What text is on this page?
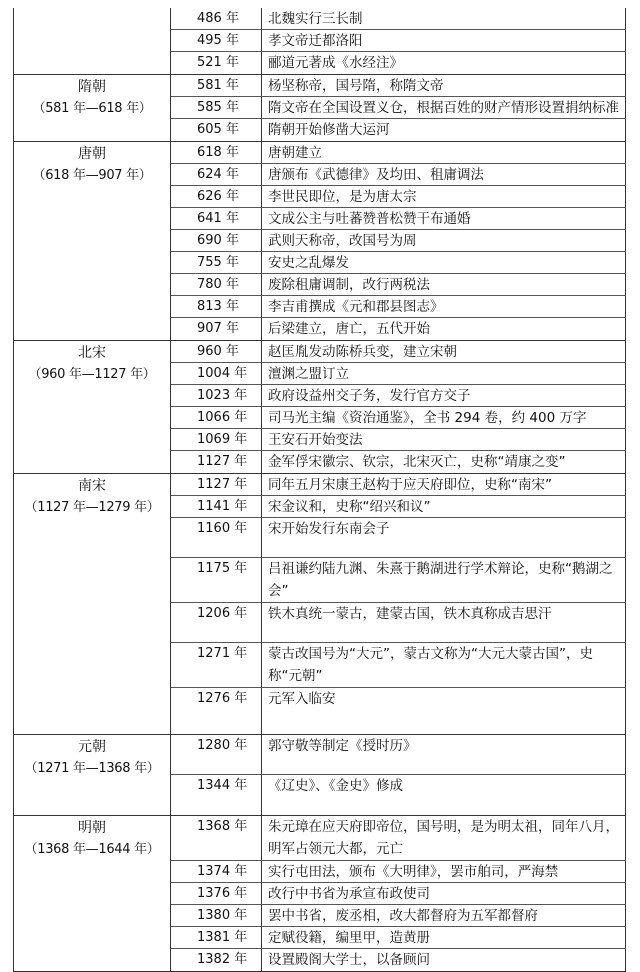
486 年	北魏实行三长制
495 年	孝文帝迁都洛阳
521 年	郦道元著成《水经注》
隋朝
（581 年—618 年）
581 年	杨坚称帝，国号隋，称隋文帝
585 年	隋文帝在全国设置义仓，根据百姓的财产情形设置捐纳标准
605 年	隋朝开始修凿大运河
唐朝
（618 年—907 年）
618 年	唐朝建立
624 年	唐颁布《武德律》及均田、租庸调法
626 年	李世民即位，是为唐太宗
641 年	文成公主与吐蕃赞普松赞干布通婚
690 年	武则天称帝，改国号为周
755 年	安史之乱爆发
780 年	废除租庸调制，改行两税法
813 年	李吉甫撰成《元和郡县图志》
907 年	后梁建立，唐亡，五代开始
北宋
（960 年—1127 年）
960 年	赵匡胤发动陈桥兵变，建立宋朝
1004 年	澶渊之盟订立
1023 年	政府设益州交子务，发行官方交子
1066 年	司马光主编《资治通鉴》，全书 294 卷，约 400 万字
1069 年	王安石开始变法
1127 年	金军俘宋徽宗、钦宗，北宋灭亡，史称“靖康之变”
南宋
（1127 年—1279 年）
1127 年	同年五月宋康王赵构于应天府即位，史称“南宋”
1141 年	宋金议和，史称“绍兴和议”
1160 年	宋开始发行东南会子
1175 年	吕祖谦约陆九渊、朱熹于鹅湖进行学术辩论，史称“鹅湖之会”
1206 年	铁木真统一蒙古，建蒙古国，铁木真称成吉思汗
1271 年	蒙古改国号为“大元”，蒙古文称为“大元大蒙古国”，史称“元朝”
1276 年	元军入临安
元朝
（1271 年—1368 年）
1280 年	郭守敬等制定《授时历》
1344 年	《辽史》、《金史》修成
明朝
（1368 年—1644 年）
1368 年	朱元璋在应天府即帝位，国号明，是为明太祖，同年八月，明军占领元大都，元亡
1374 年	实行屯田法，颁布《大明律》，罢市舶司，严海禁
1376 年	改行中书省为承宣布政使司
1380 年	罢中书省，废丞相，改大都督府为五军都督府
1381 年	定赋役籍，编里甲，造黄册
1382 年	设置殿阁大学士，以备顾问
